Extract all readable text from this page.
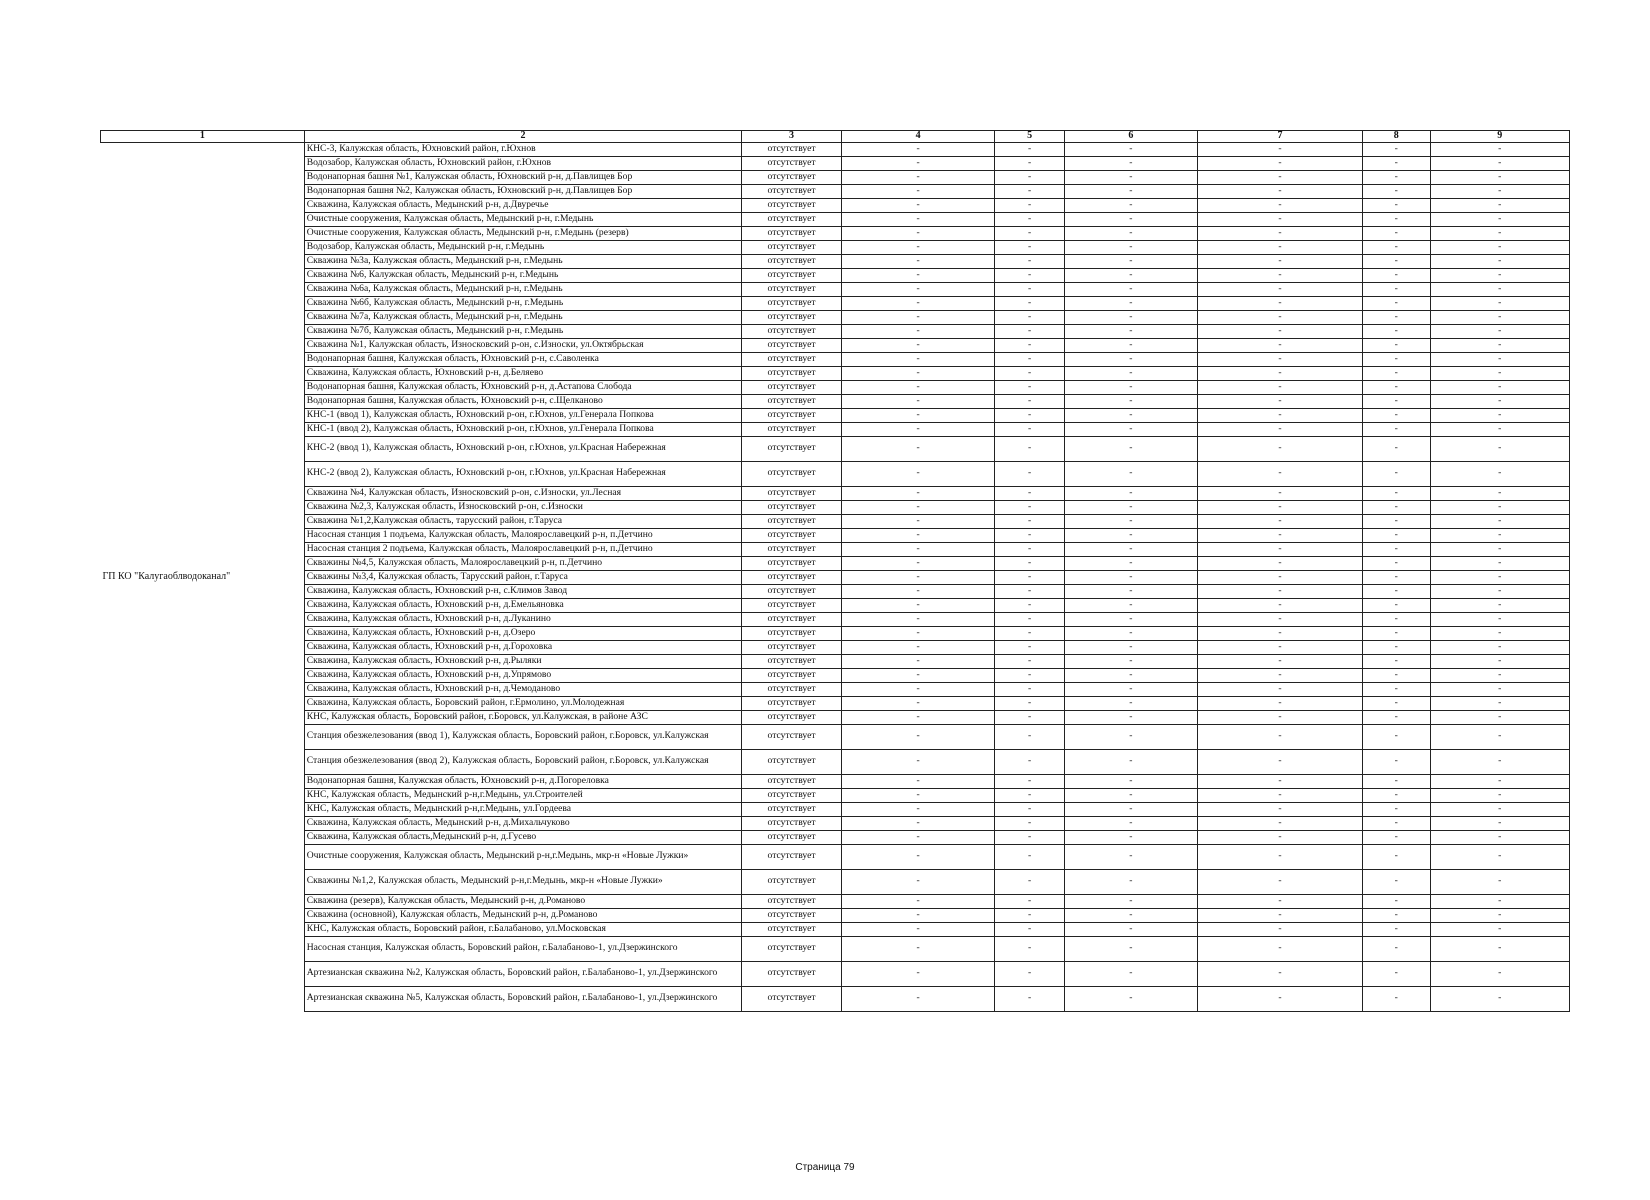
1	2	3	4	5	6	7	8	9
ГП КО "Калугаоблводоканал"	КНС-3, Калужская область, Юхновский район, г.Юхнов	отсутствует	-	-	-	-	-	-
	Водозабор, Калужская область, Юхновский район, г.Юхнов	отсутствует	-	-	-	-	-	-
	Водонапорная башня №1, Калужская область, Юхновский р-н, д.Павлищев Бор	отсутствует	-	-	-	-	-	-
	Водонапорная башня №2, Калужская область, Юхновский р-н, д.Павлищев Бор	отсутствует	-	-	-	-	-	-
	Скважина, Калужская область, Медынский р-н, д.Двуречье	отсутствует	-	-	-	-	-	-
	Очистные сооружения, Калужская область, Медынский р-н, г.Медынь	отсутствует	-	-	-	-	-	-
	Очистные сооружения, Калужская область, Медынский р-н, г.Медынь (резерв)	отсутствует	-	-	-	-	-	-
	Водозабор, Калужская область, Медынский р-н, г.Медынь	отсутствует	-	-	-	-	-	-
	Скважина №3а, Калужская область, Медынский р-н, г.Медынь	отсутствует	-	-	-	-	-	-
	Скважина №6, Калужская область, Медынский р-н, г.Медынь	отсутствует	-	-	-	-	-	-
	Скважина №6а, Калужская область, Медынский р-н, г.Медынь	отсутствует	-	-	-	-	-	-
	Скважина №6б, Калужская область, Медынский р-н, г.Медынь	отсутствует	-	-	-	-	-	-
	Скважина №7а, Калужская область, Медынский р-н, г.Медынь	отсутствует	-	-	-	-	-	-
	Скважина №7б, Калужская область, Медынский р-н, г.Медынь	отсутствует	-	-	-	-	-	-
	Скважина №1, Калужская область, Износковский р-он, с.Износки, ул.Октябрьская	отсутствует	-	-	-	-	-	-
	Водонапорная башня, Калужская область, Юхновский р-н, с.Саволенка	отсутствует	-	-	-	-	-	-
	Скважина, Калужская область, Юхновский р-н, д.Беляево	отсутствует	-	-	-	-	-	-
	Водонапорная башня, Калужская область, Юхновский р-н, д.Астапова Слобода	отсутствует	-	-	-	-	-	-
	Водонапорная башня, Калужская область, Юхновский р-н, с.Щелканово	отсутствует	-	-	-	-	-	-
	КНС-1 (ввод 1), Калужская область, Юхновский р-он, г.Юхнов, ул.Генерала Попкова	отсутствует	-	-	-	-	-	-
	КНС-1 (ввод 2), Калужская область, Юхновский р-он, г.Юхнов, ул.Генерала Попкова	отсутствует	-	-	-	-	-	-
	КНС-2 (ввод 1), Калужская область, Юхновский р-он, г.Юхнов, ул.Красная Набережная	отсутствует	-	-	-	-	-	-
	КНС-2 (ввод 2), Калужская область, Юхновский р-он, г.Юхнов, ул.Красная Набережная	отсутствует	-	-	-	-	-	-
	Скважина №4, Калужская область, Износковский р-он, с.Износки, ул.Лесная	отсутствует	-	-	-	-	-	-
	Скважина №2,3, Калужская область, Износковский р-он, с.Износки	отсутствует	-	-	-	-	-	-
	Скважина №1,2,Калужская область, тарусский район, г.Таруса	отсутствует	-	-	-	-	-	-
	Насосная станция 1 подъема, Калужская область, Малоярославецкий р-н, п.Детчино	отсутствует	-	-	-	-	-	-
	Насосная станция 2 подъема, Калужская область, Малоярославецкий р-н, п.Детчино	отсутствует	-	-	-	-	-	-
	Скважины №4,5, Калужская область, Малоярославецкий р-н, п.Детчино	отсутствует	-	-	-	-	-	-
	Скважины №3,4, Калужская область, Тарусский район, г.Таруса	отсутствует	-	-	-	-	-	-
	Скважина, Калужская область, Юхновский р-н, с.Климов Завод	отсутствует	-	-	-	-	-	-
	Скважина, Калужская область, Юхновский р-н, д.Емельяновка	отсутствует	-	-	-	-	-	-
	Скважина, Калужская область, Юхновский р-н, д.Луканино	отсутствует	-	-	-	-	-	-
	Скважина, Калужская область, Юхновский р-н, д.Озеро	отсутствует	-	-	-	-	-	-
	Скважина, Калужская область, Юхновский р-н, д.Гороховка	отсутствует	-	-	-	-	-	-
	Скважина, Калужская область, Юхновский р-н, д.Рыляки	отсутствует	-	-	-	-	-	-
	Скважина, Калужская область, Юхновский р-н, д.Упрямово	отсутствует	-	-	-	-	-	-
	Скважина, Калужская область, Юхновский р-н, д.Чемоданово	отсутствует	-	-	-	-	-	-
	Скважина, Калужская область, Боровский район, г.Ермолино, ул.Молодежная	отсутствует	-	-	-	-	-	-
	КНС, Калужская область, Боровский район, г.Боровск, ул.Калужская, в районе АЗС	отсутствует	-	-	-	-	-	-
	Станция обезжелезования (ввод 1), Калужская область, Боровский район, г.Боровск, ул.Калужская	отсутствует	-	-	-	-	-	-
	Станция обезжелезования (ввод 2), Калужская область, Боровский район, г.Боровск, ул.Калужская	отсутствует	-	-	-	-	-	-
	Водонапорная башня, Калужская область, Юхновский р-н, д.Погореловка	отсутствует	-	-	-	-	-	-
	КНС, Калужская область, Медынский р-н,г.Медынь, ул.Строителей	отсутствует	-	-	-	-	-	-
	КНС, Калужская область, Медынский р-н,г.Медынь, ул.Гордеева	отсутствует	-	-	-	-	-	-
	Скважина, Калужская область, Медынский р-н, д.Михальчуково	отсутствует	-	-	-	-	-	-
	Скважина, Калужская область,Медынский р-н, д.Гусево	отсутствует	-	-	-	-	-	-
	Очистные сооружения, Калужская область, Медынский р-н,г.Медынь, мкр-н «Новые Лужки»	отсутствует	-	-	-	-	-	-
	Скважины №1,2, Калужская область, Медынский р-н,г.Медынь, мкр-н «Новые Лужки»	отсутствует	-	-	-	-	-	-
	Скважина (резерв), Калужская область, Медынский р-н, д.Романово	отсутствует	-	-	-	-	-	-
	Скважина (основной), Калужская область, Медынский р-н, д.Романово	отсутствует	-	-	-	-	-	-
	КНС, Калужская область, Боровский район, г.Балабаново, ул.Московская	отсутствует	-	-	-	-	-	-
	Насосная станция, Калужская область, Боровский район, г.Балабаново-1, ул.Дзержинского	отсутствует	-	-	-	-	-	-
	Артезианская скважина №2, Калужская область, Боровский район, г.Балабаново-1, ул.Дзержинского	отсутствует	-	-	-	-	-	-
	Артезианская скважина №5, Калужская область, Боровский район, г.Балабаново-1, ул.Дзержинского	отсутствует	-	-	-	-	-	-
Страница 79
